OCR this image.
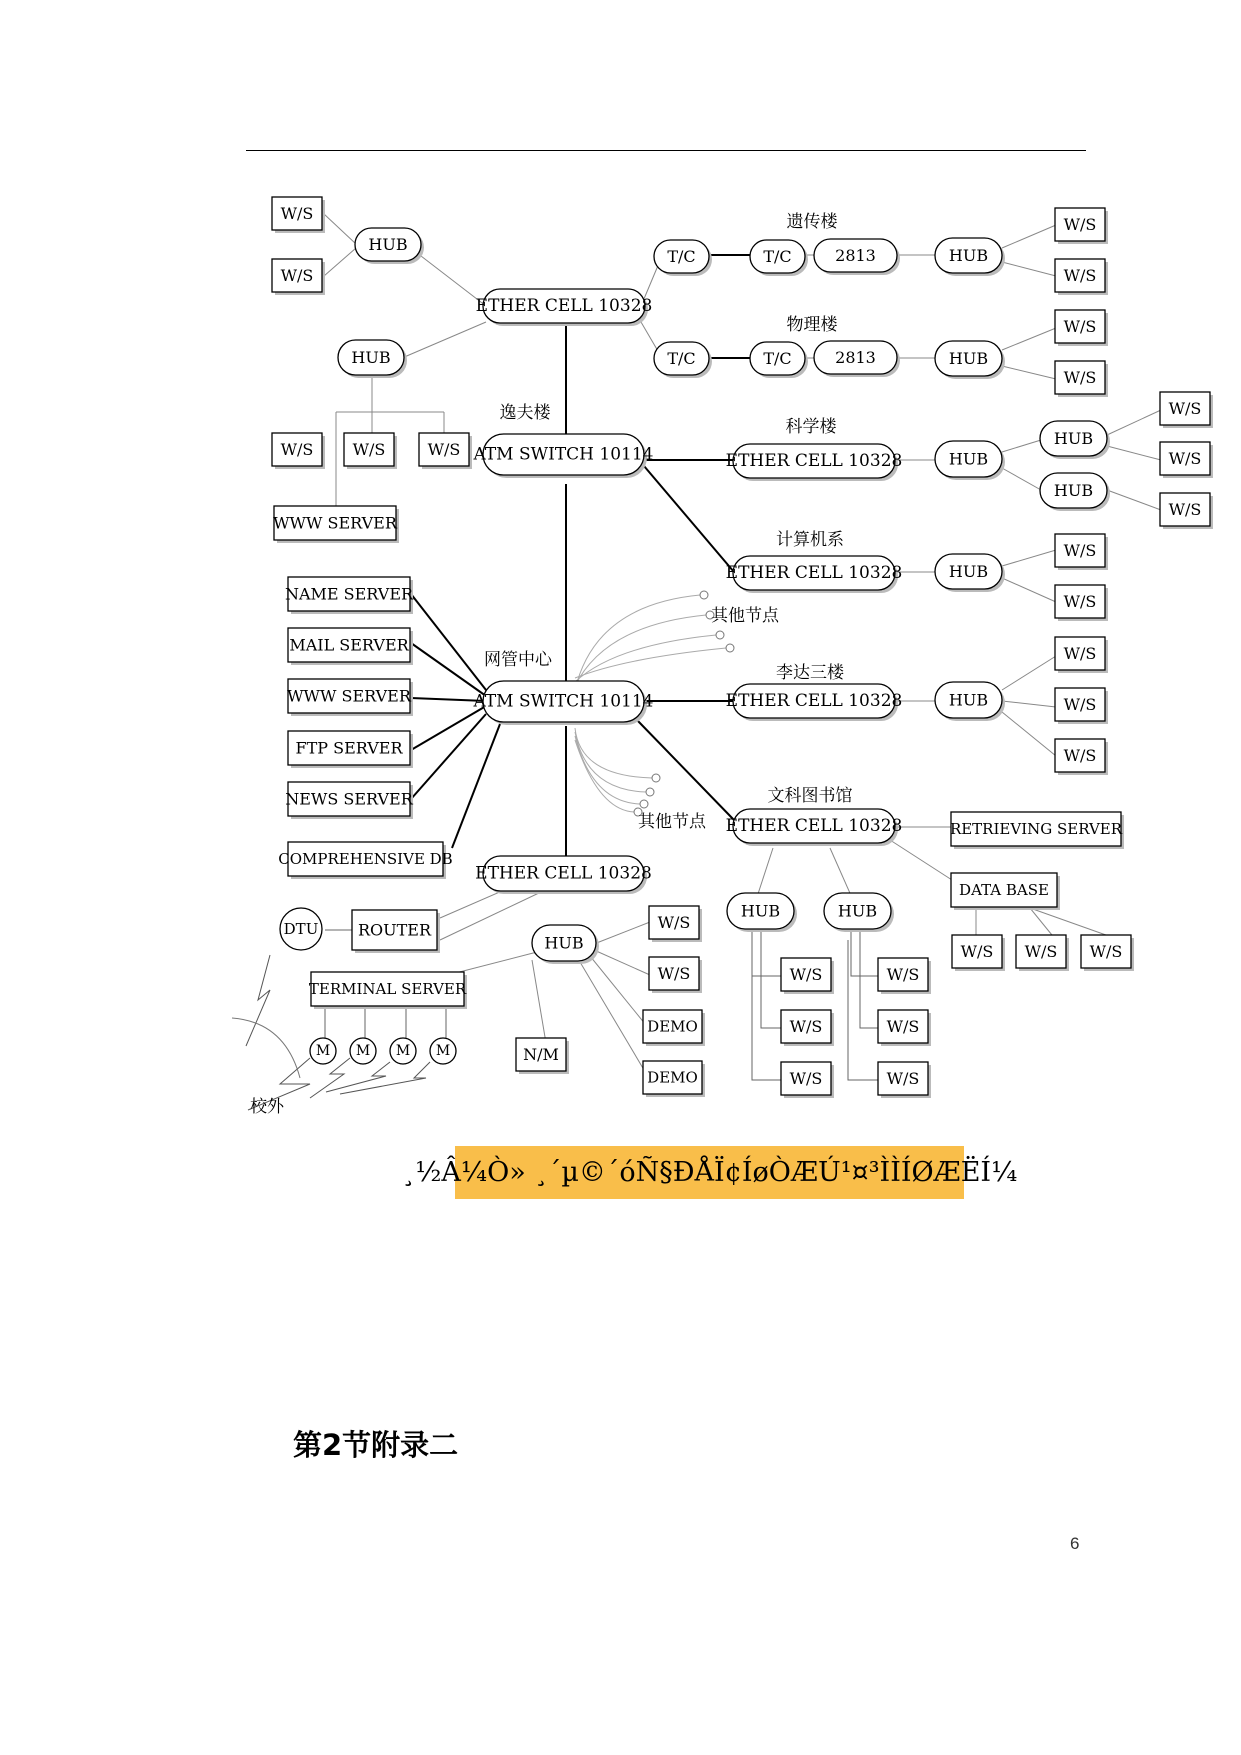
W/S
W/S
HUB
ETHER CELL 10328
HUB
W/S W/S	W/S
WWW SERVER
T/C	T/C	2813	HUB
W/S
W/S
T/C	T/C	2813	HUB
W/S
W/S
ATM SWITCH 10114	ETHER CELL 10328	HUB
HUB
HUB
W/S
W/S
W/S
ETHER CELL 10328	HUB
W/S
W/S
NAME SERVER
MAIL SERVER
WWW SERVER
FTP SERVER
NEWS SERVER
COMPREHENSIVE DB
ATM SWITCH 10114	ETHER CELL 10328	HUB
W/S
W/S
W/S
ETHER CELL 10328	RETRIEVING SERVER
DATA BASE
W/S W/S W/S
HUB	HUB
W/S
W/S
W/S
W/S
W/S
W/S
ETHER CELL 10328
DTU ROUTER
HUB
W/S
W/S
DEMO
DEMO
TERMINAL SERVER
N/M
M M M M
遗传楼
物理楼
逸夫楼
科学楼
计算机系
其他节点
网管中心
李达三楼
文科图书馆
其他节点
校外
¸½Â¼Ò» ¸´µ©´óÑ§ÐÅÏ¢ÍøÒÆÚ¹¤³ÌÌÍØÆËÍ¼
第2节附录二
6
